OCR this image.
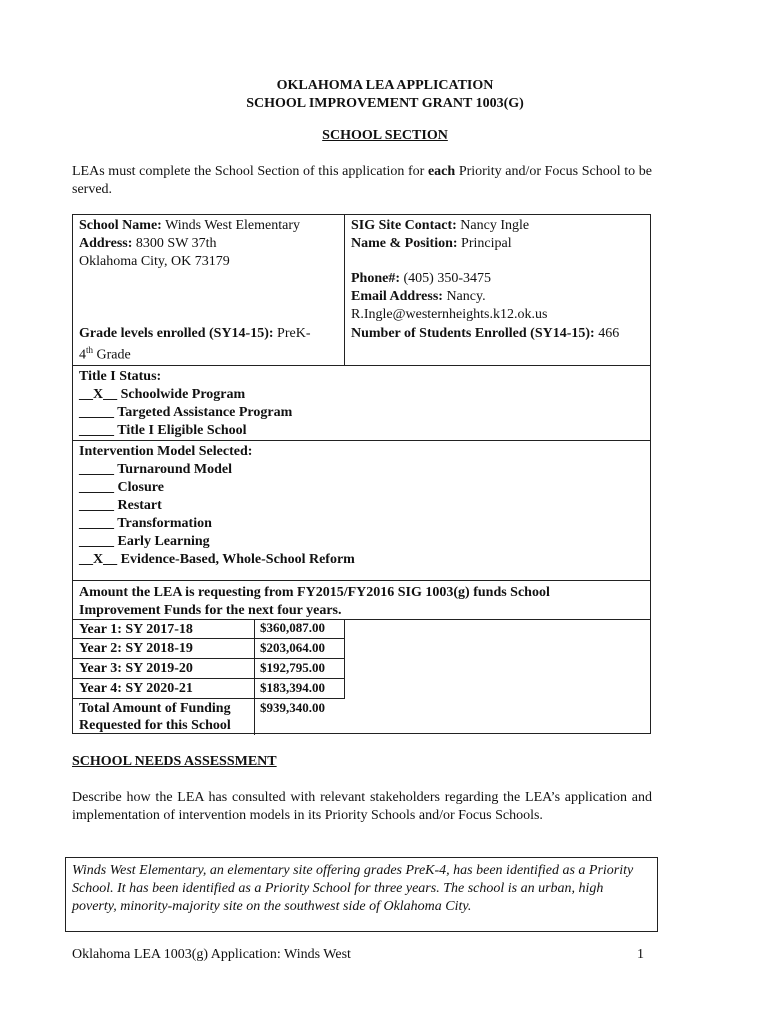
OKLAHOMA LEA APPLICATION
SCHOOL IMPROVEMENT GRANT 1003(G)
SCHOOL SECTION
LEAs must complete the School Section of this application for each Priority and/or Focus School to be served.
School Name: Winds West Elementary
Address: 8300 SW 37th
Oklahoma City, OK 73179
Grade levels enrolled (SY14-15): PreK-
4th Grade
SIG Site Contact: Nancy Ingle
Name & Position: Principal
Phone#: (405) 350-3475
Email Address: Nancy.
R.Ingle@westernheights.k12.ok.us
Number of Students Enrolled (SY14-15): 466
Title I Status:
__X__ Schoolwide Program
_____ Targeted Assistance Program
_____ Title I Eligible School
Intervention Model Selected:
_____ Turnaround Model
_____ Closure
_____ Restart
_____ Transformation
_____ Early Learning
__X__ Evidence-Based, Whole-School Reform
Amount the LEA is requesting from FY2015/FY2016 SIG 1003(g) funds School
Improvement Funds for the next four years.
Year 1: SY 2017-18	$360,087.00
Year 2: SY 2018-19	$203,064.00
Year 3: SY 2019-20	$192,795.00
Year 4: SY 2020-21	$183,394.00
Total Amount of Funding
Requested for this School
$939,340.00
SCHOOL NEEDS ASSESSMENT
Describe how the LEA has consulted with relevant stakeholders regarding the LEA’s application and implementation of intervention models in its Priority Schools and/or Focus Schools.
Winds West Elementary, an elementary site offering grades PreK-4, has been identified as a Priority School. It has been identified as a Priority School for three years. The school is an urban, high poverty, minority-majority site on the southwest side of Oklahoma City.
Oklahoma LEA 1003(g) Application: Winds West	1
